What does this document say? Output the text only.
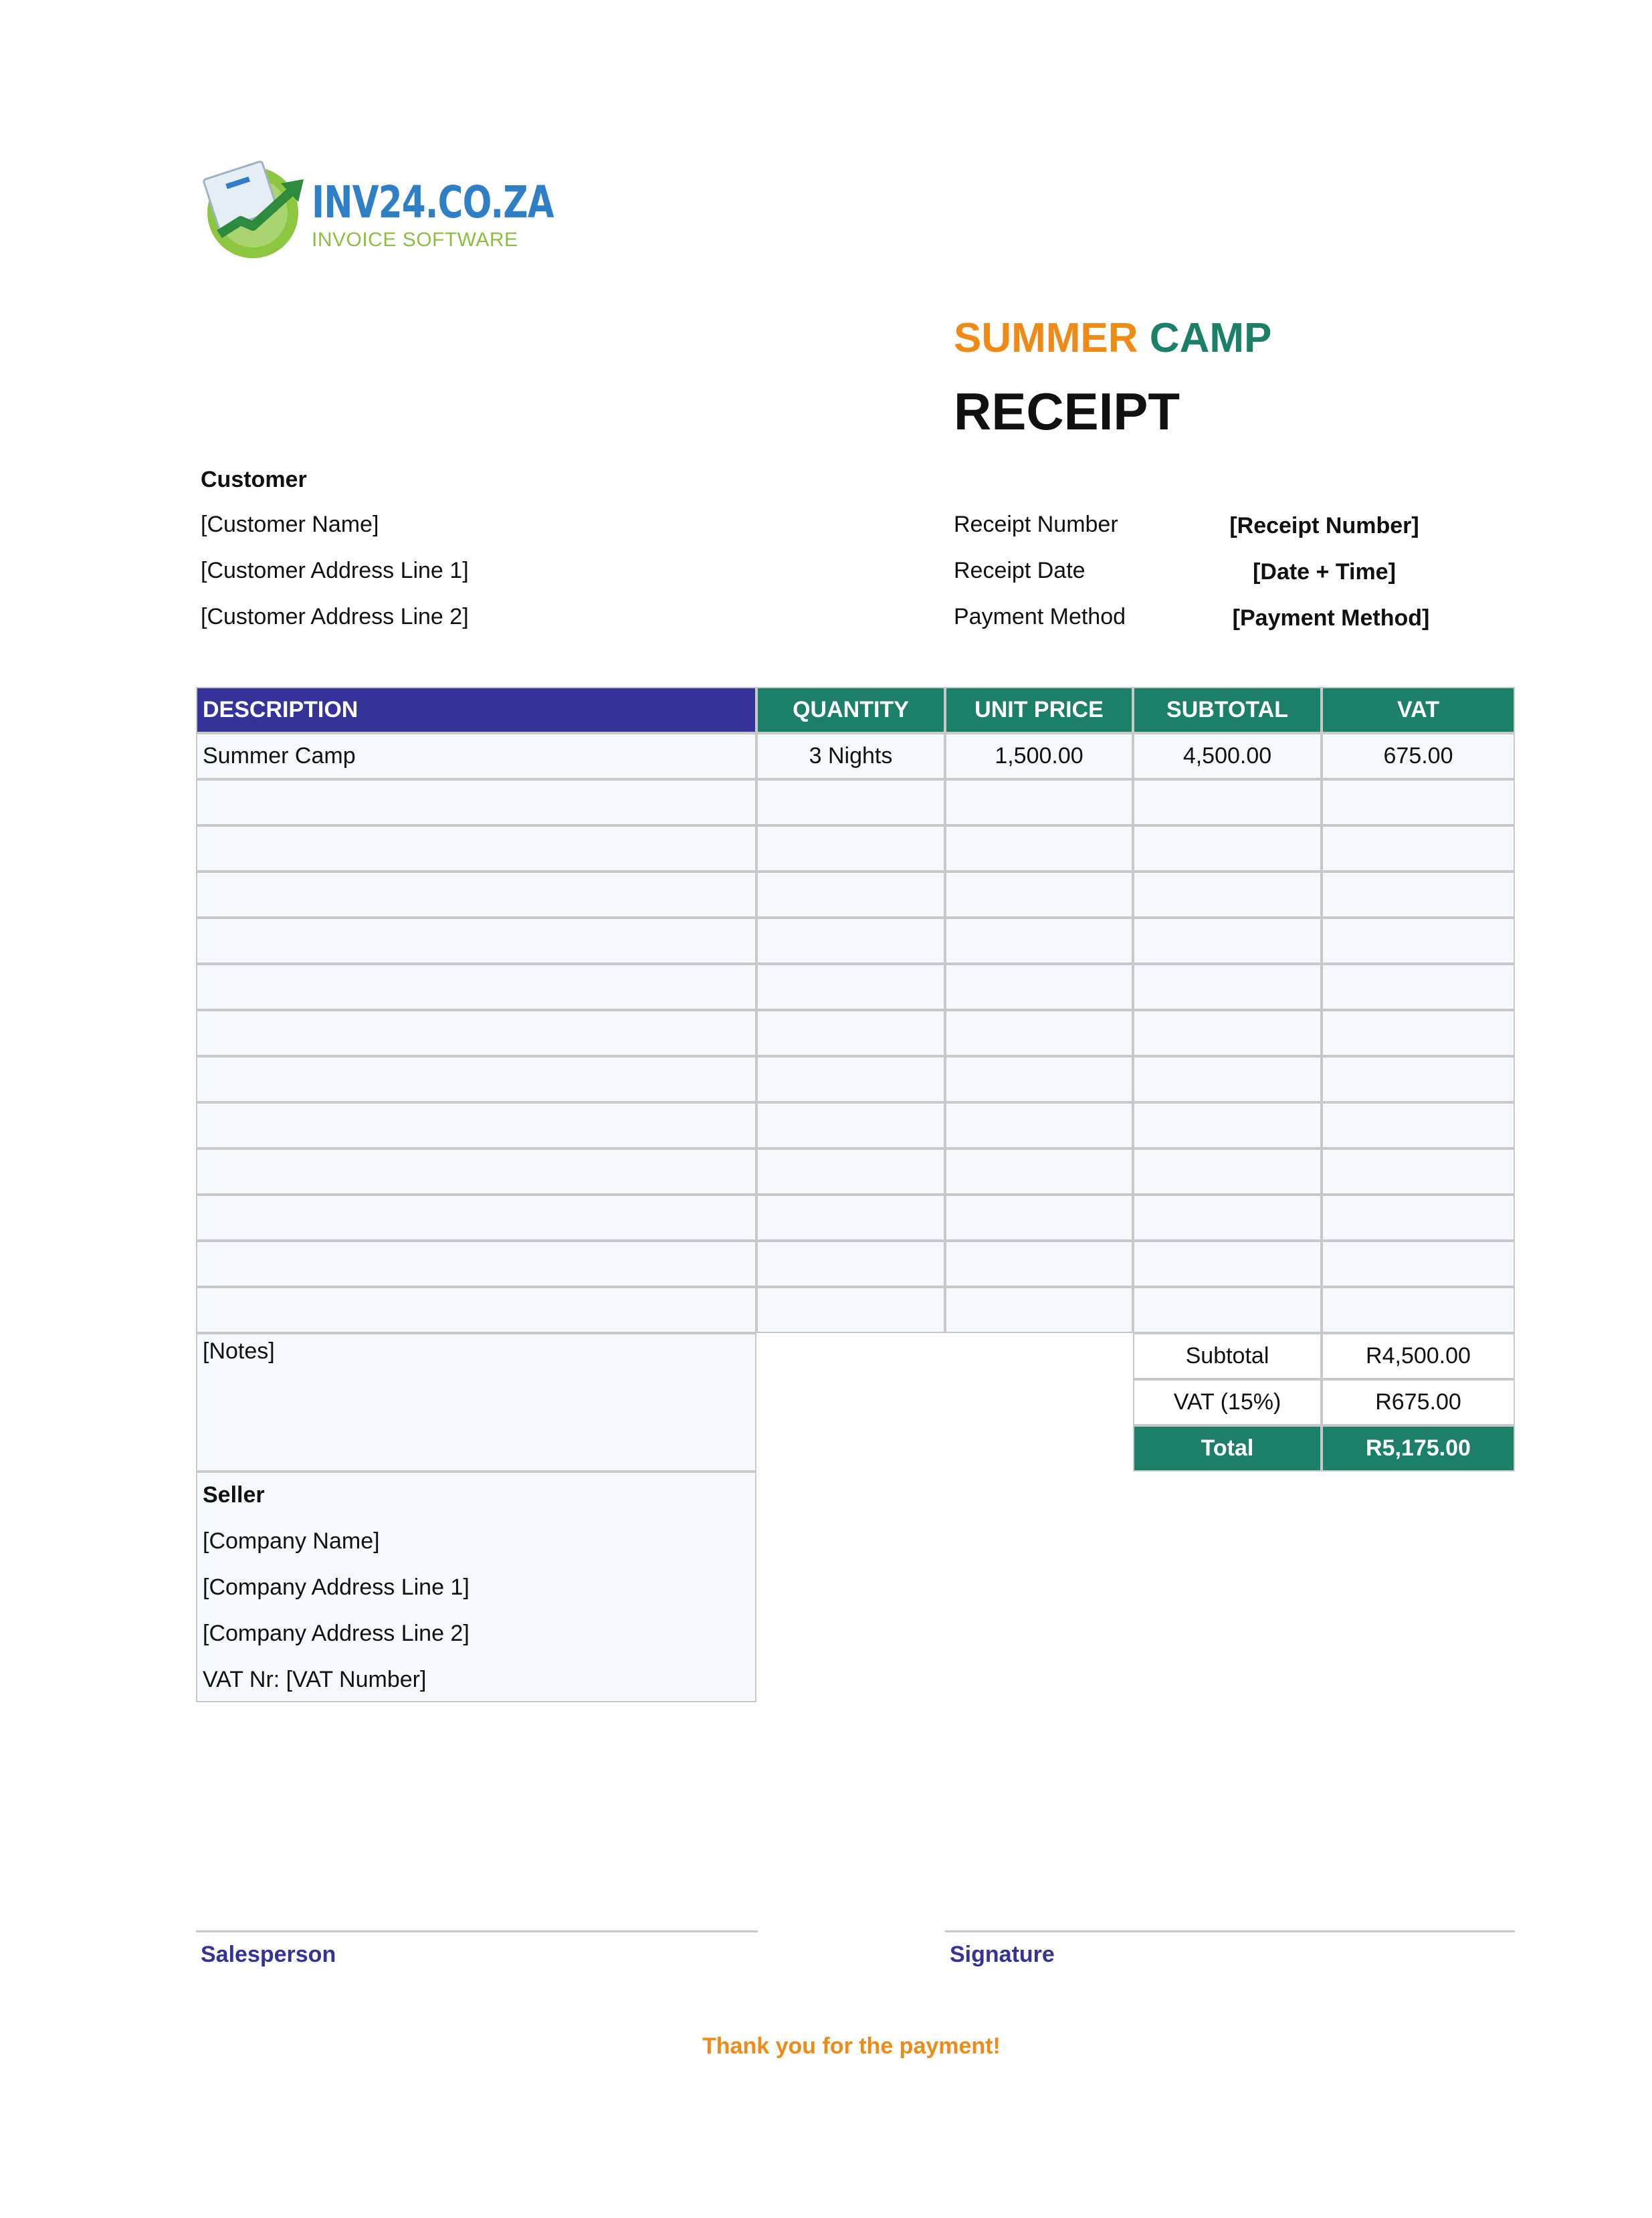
INV24.CO.ZA
INVOICE SOFTWARE
SUMMER CAMP
RECEIPT
Customer
[Customer Name]
[Customer Address Line 1]
[Customer Address Line 2]
Receipt Number	[Receipt Number]
Receipt Date	[Date + Time]
Payment Method	[Payment Method]
DESCRIPTION	QUANTITY	UNIT PRICE	SUBTOTAL	VAT
Summer Camp	3 Nights	1,500.00	4,500.00	675.00
[Notes]	Subtotal	R4,500.00
VAT (15%)	R675.00
Total	R5,175.00
Seller
[Company Name]
[Company Address Line 1]
[Company Address Line 2]
VAT Nr: [VAT Number]
Salesperson	Signature
Thank you for the payment!
